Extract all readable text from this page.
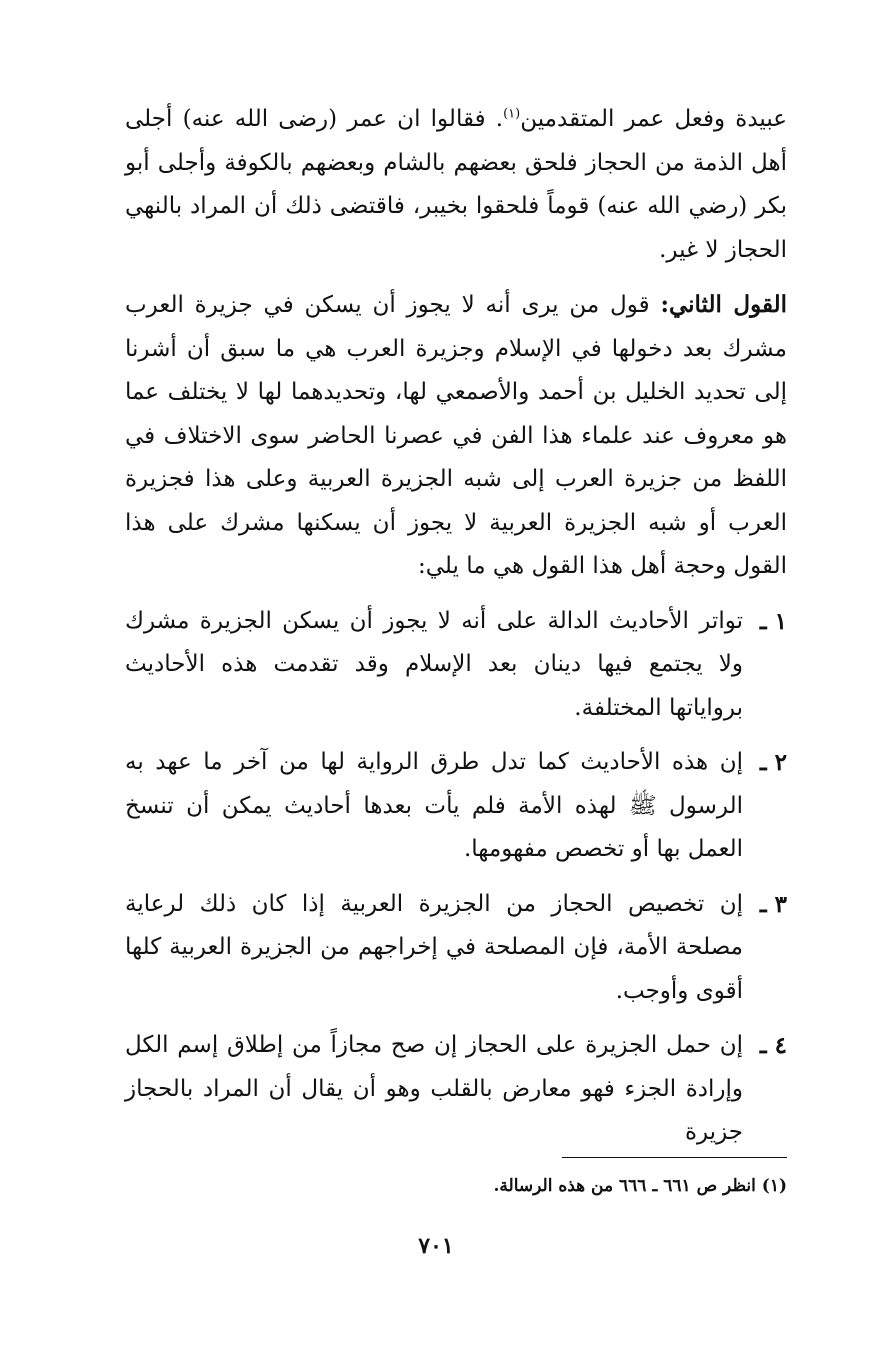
عبيدة وفعل عمر المتقدمين$^{(١)}$. فقالوا ان عمر (رضى الله عنه) أجلى أهل الذمة من الحجاز فلحق بعضهم بالشام وبعضهم بالكوفة وأجلى أبو بكر (رضي الله عنه) قوماً فلحقوا بخيبر، فاقتضى ذلك أن المراد بالنهي الحجاز لا غير.

القول الثاني: قول من يرى أنه لا يجوز أن يسكن في جزيرة العرب مشرك بعد دخولها في الإسلام وجزيرة العرب هي ما سبق أن أشرنا إلى تحديد الخليل بن أحمد والأصمعي لها، وتحديدهما لها لا يختلف عما هو معروف عند علماء هذا الفن في عصرنا الحاضر سوى الاختلاف في اللفظ من جزيرة العرب إلى شبه الجزيرة العربية وعلى هذا فجزيرة العرب أو شبه الجزيرة العربية لا يجوز أن يسكنها مشرك على هذا القول وحجة أهل هذا القول هي ما يلي:

١ ـ
تواتر الأحاديث الدالة على أنه لا يجوز أن يسكن الجزيرة مشرك ولا يجتمع فيها دينان بعد الإسلام وقد تقدمت هذه الأحاديث برواياتها المختلفة.
٢ ـ
إن هذه الأحاديث كما تدل طرق الرواية لها من آخر ما عهد به الرسول ﷺ لهذه الأمة فلم يأت بعدها أحاديث يمكن أن تنسخ العمل بها أو تخصص مفهومها.
٣ ـ
إن تخصيص الحجاز من الجزيرة العربية إذا كان ذلك لرعاية مصلحة الأمة، فإن المصلحة في إخراجهم من الجزيرة العربية كلها أقوى وأوجب.
٤ ـ
إن حمل الجزيرة على الحجاز إن صح مجازاً من إطلاق إسم الكل وإرادة الجزء فهو معارض بالقلب وهو أن يقال أن المراد بالحجاز جزيرة
(١) انظر ص ٦٦١ ـ ٦٦٦ من هذه الرسالة.
٧٠١
